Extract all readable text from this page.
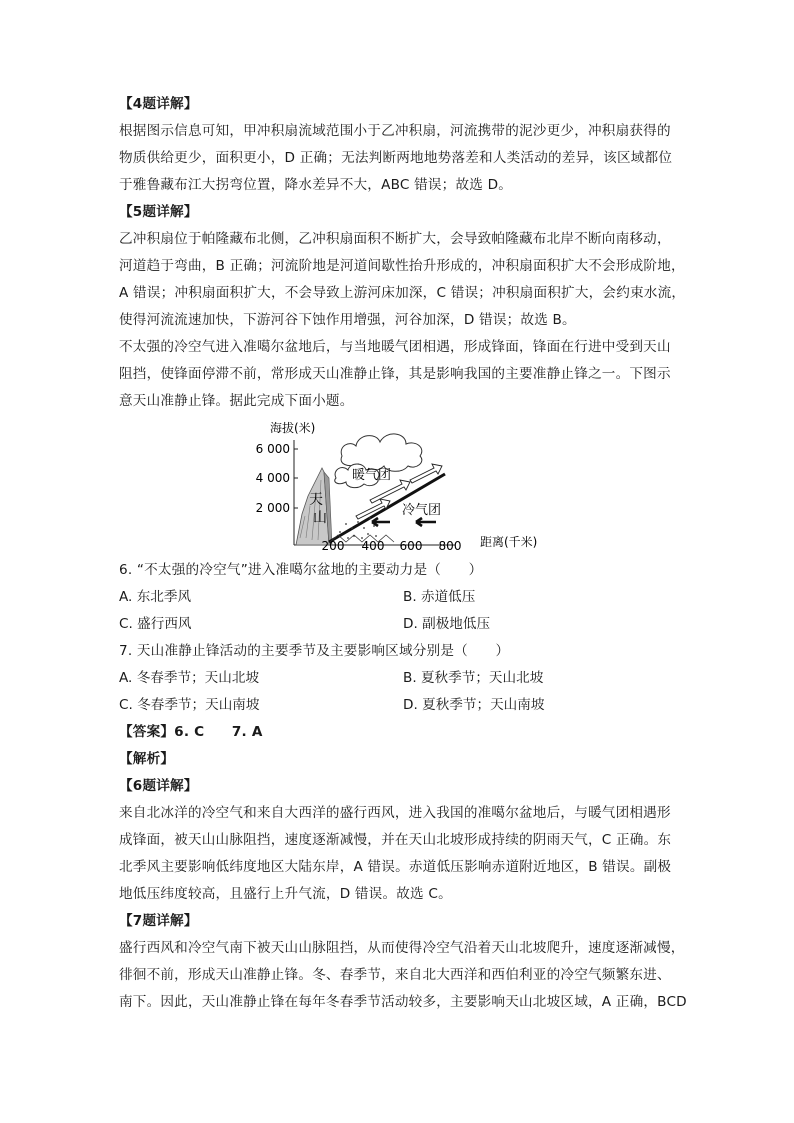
【4题详解】
根据图示信息可知，甲冲积扇流域范围小于乙冲积扇，河流携带的泥沙更少，冲积扇获得的
物质供给更少，面积更小，D 正确；无法判断两地地势落差和人类活动的差异，该区域都位
于雅鲁藏布江大拐弯位置，降水差异不大，ABC 错误；故选 D。
【5题详解】
乙冲积扇位于帕隆藏布北侧，乙冲积扇面积不断扩大，会导致帕隆藏布北岸不断向南移动，
河道趋于弯曲，B 正确；河流阶地是河道间歇性抬升形成的，冲积扇面积扩大不会形成阶地，
A 错误；冲积扇面积扩大，不会导致上游河床加深，C 错误；冲积扇面积扩大，会约束水流，
使得河流流速加快，下游河谷下蚀作用增强，河谷加深，D 错误；故选 B。
不太强的冷空气进入准噶尔盆地后，与当地暖气团相遇，形成锋面，锋面在行进中受到天山
阻挡，使锋面停滞不前，常形成天山准静止锋，其是影响我国的主要准静止锋之一。下图示
意天山准静止锋。据此完成下面小题。
海拔(米)
6 000
4 000
2 000 天
山
暖气团
冷气团
200 400 600 800 距离(千米)
6. “不太强的冷空气”进入准噶尔盆地的主要动力是（　　）
A. 东北季风	B. 赤道低压
C. 盛行西风	D. 副极地低压
7. 天山准静止锋活动的主要季节及主要影响区域分别是（　　）
A. 冬春季节；天山北坡	B. 夏秋季节；天山北坡
C. 冬春季节；天山南坡	D. 夏秋季节；天山南坡
【答案】6. C　　7. A
【解析】
【6题详解】
来自北冰洋的冷空气和来自大西洋的盛行西风，进入我国的准噶尔盆地后，与暖气团相遇形
成锋面，被天山山脉阻挡，速度逐渐减慢，并在天山北坡形成持续的阴雨天气，C 正确。东
北季风主要影响低纬度地区大陆东岸，A 错误。赤道低压影响赤道附近地区，B 错误。副极
地低压纬度较高，且盛行上升气流，D 错误。故选 C。
【7题详解】
盛行西风和冷空气南下被天山山脉阻挡，从而使得冷空气沿着天山北坡爬升，速度逐渐减慢，
徘徊不前，形成天山准静止锋。冬、春季节，来自北大西洋和西伯利亚的冷空气频繁东进、
南下。因此，天山准静止锋在每年冬春季节活动较多，主要影响天山北坡区域，A 正确，BCD
